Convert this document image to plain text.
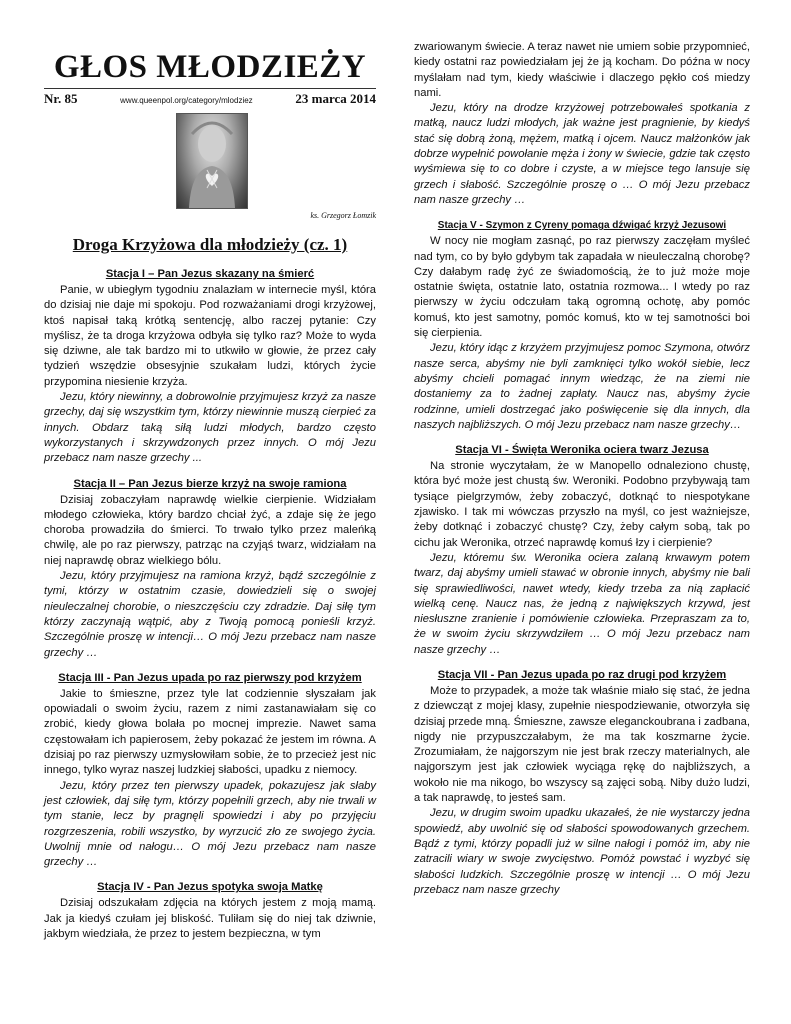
GŁOS MŁODZIEŻY
Nr. 85	www.queenpol.org/category/mlodziez	23 marca 2014
ks. Grzegorz Łomzik
Droga Krzyżowa dla młodzieży (cz. 1)
Stacja I – Pan Jezus skazany na śmierć

Panie, w ubiegłym tygodniu znalazłam w internecie myśl, która do dzisiaj nie daje mi spokoju. Pod rozważaniami drogi krzyżowej, ktoś napisał taką krótką sentencję, albo raczej pytanie: Czy myślisz, że ta droga krzyżowa odbyła się tylko raz? Może to wyda się dziwne, ale tak bardzo mi to utkwiło w głowie, że przez cały tydzień wszędzie obsesyjnie szukałam ludzi, których życie przypomina niesienie krzyża.

Jezu, który niewinny, a dobrowolnie przyjmujesz krzyż za nasze grzechy, daj się wszystkim tym, którzy niewinnie muszą cierpieć za innych. Obdarz taką siłą ludzi młodych, bardzo często wykorzystanych i skrzywdzonych przez innych. O mój Jezu przebacz nam nasze grzechy ...

Stacja II – Pan Jezus bierze krzyż na swoje ramiona

Dzisiaj zobaczyłam naprawdę wielkie cierpienie. Widziałam młodego człowieka, który bardzo chciał żyć, a zdaje się że jego choroba prowadziła do śmierci. To trwało tylko przez maleńką chwilę, ale po raz pierwszy, patrząc na czyjąś twarz, widziałam na niej naprawdę obraz wielkiego bólu.

Jezu, który przyjmujesz na ramiona krzyż, bądź szczególnie z tymi, którzy w ostatnim czasie, dowiedzieli się o swojej nieuleczalnej chorobie, o nieszczęściu czy zdradzie. Daj siłę tym którzy zaczynają wątpić, aby z Twoją pomocą ponieśli krzyż. Szczególnie proszę w intencji… O mój Jezu przebacz nam nasze grzechy …

Stacja III - Pan Jezus upada po raz pierwszy pod krzyżem

Jakie to śmieszne, przez tyle lat codziennie słyszałam jak opowiadali o swoim życiu, razem z nimi zastanawiałam się co zrobić, kiedy głowa bolała po mocnej imprezie. Nawet sama częstowałam ich papierosem, żeby pokazać że jestem im równa. A dzisiaj po raz pierwszy uzmysłowiłam sobie, że to przecież jest nic innego, tylko wyraz naszej ludzkiej słabości, upadku z niemocy.

Jezu, który przez ten pierwszy upadek, pokazujesz jak słaby jest człowiek, daj siłę tym, którzy popełnili grzech, aby nie trwali w tym stanie, lecz by pragnęli spowiedzi i aby po przyjęciu rozgrzeszenia, robili wszystko, by wyrzucić zło ze swojego życia. Uwolnij mnie od nałogu… O mój Jezu przebacz nam nasze grzechy …

Stacja IV - Pan Jezus spotyka swoja Matkę

Dzisiaj odszukałam zdjęcia na których jestem z moją mamą. Jak ja kiedyś czułam jej bliskość. Tuliłam się do niej tak dziwnie, jakbym wiedziała, że przez to jestem bezpieczna, w tym

zwariowanym świecie. A teraz nawet nie umiem sobie przypomnieć, kiedy ostatni raz powiedziałam jej że ją kocham. Do późna w nocy myślałam nad tym, kiedy właściwie i dlaczego pękło coś miedzy nami.

Jezu, który na drodze krzyżowej potrzebowałeś spotkania z matką, naucz ludzi młodych, jak ważne jest pragnienie, by kiedyś stać się dobrą żoną, mężem, matką i ojcem. Naucz małżonków jak dobrze wypełnić powołanie męża i żony w świecie, gdzie tak często wyśmiewa się to co dobre i czyste, a w miejsce tego lansuje się grzech i słabość. Szczególnie proszę o … O mój Jezu przebacz nam nasze grzechy …

Stacja V - Szymon z Cyreny pomaga dźwigać krzyż Jezusowi

W nocy nie mogłam zasnąć, po raz pierwszy zaczęłam myśleć nad tym, co by było gdybym tak zapadała w nieuleczalną chorobę? Czy dałabym radę żyć ze świadomością, że to już może moje ostatnie święta, ostatnie lato, ostatnia rozmowa... I wtedy po raz pierwszy w życiu odczułam taką ogromną ochotę, aby pomóc komuś, kto jest samotny, pomóc komuś, kto w tej samotności boi się cierpienia.

Jezu, który idąc z krzyżem przyjmujesz pomoc Szymona, otwórz nasze serca, abyśmy nie byli zamknięci tylko wokół siebie, lecz abyśmy chcieli pomagać innym wiedząc, że na ziemi nie dostaniemy za to żadnej zapłaty. Naucz nas, abyśmy życie rodzinne, umieli dostrzegać jako poświęcenie się dla innych, dla naszych najbliższych. O mój Jezu przebacz nam nasze grzechy…

Stacja VI - Święta Weronika ociera twarz Jezusa

Na stronie wyczytałam, że w Manopello odnaleziono chustę, która być może jest chustą św. Weroniki. Podobno przybywają tam tysiące pielgrzymów, żeby zobaczyć, dotknąć to niespotykane zjawisko. I tak mi wówczas przyszło na myśl, co jest ważniejsze, żeby dotknąć i zobaczyć chustę? Czy, żeby całym sobą, tak po cichu jak Weronika, otrzeć naprawdę komuś łzy i cierpienie?

Jezu, któremu św. Weronika ociera zalaną krwawym potem twarz, daj abyśmy umieli stawać w obronie innych, abyśmy nie bali się sprawiedliwości, nawet wtedy, kiedy trzeba za nią zapłacić wielką cenę. Naucz nas, że jedną z największych krzywd, jest niesłuszne zranienie i pomówienie człowieka. Przepraszam za to, że w swoim życiu skrzywdziłem … O mój Jezu przebacz nam nasze grzechy …

Stacja VII - Pan Jezus upada po raz drugi pod krzyżem

Może to przypadek, a może tak właśnie miało się stać, że jedna z dziewcząt z mojej klasy, zupełnie niespodziewanie, otworzyła się dzisiaj przede mną. Śmieszne, zawsze eleganckoubrana i zadbana, nigdy nie przypuszczałabym, że ma tak koszmarne życie. Zrozumiałam, że najgorszym nie jest brak rzeczy materialnych, ale najgorszym jest jak człowiek wyciąga rękę do najbliższych, a wokoło nie ma nikogo, bo wszyscy są zajęci sobą. Niby dużo ludzi, a tak naprawdę, to jesteś sam.

Jezu, w drugim swoim upadku ukazałeś, że nie wystarczy jedna spowiedź, aby uwolnić się od słabości spowodowanych grzechem. Bądź z tymi, którzy popadli już w silne nałogi i pomóż im, aby nie zatracili wiary w swoje zwycięstwo. Pomóż powstać i wyzbyć się słabości ludzkich. Szczególnie proszę w intencji … O mój Jezu przebacz nam nasze grzechy
